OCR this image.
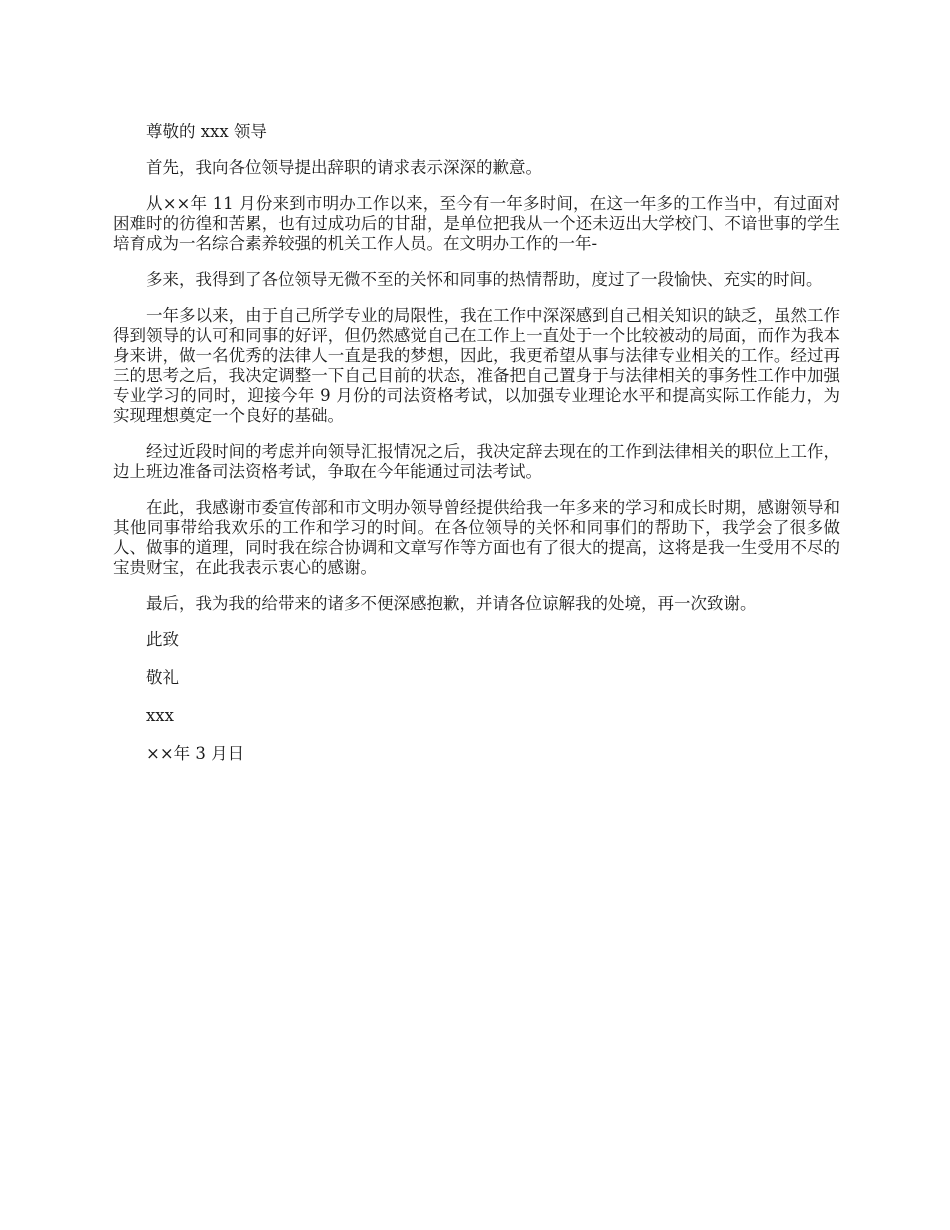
尊敬的 xxx 领导

首先，我向各位领导提出辞职的请求表示深深的歉意。

从××年 11 月份来到市明办工作以来，至今有一年多时间，在这一年多的工作当中，有过面对困难时的彷徨和苦累，也有过成功后的甘甜，是单位把我从一个还未迈出大学校门、不谙世事的学生培育成为一名综合素养较强的机关工作人员。在文明办工作的一年-

多来，我得到了各位领导无微不至的关怀和同事的热情帮助，度过了一段愉快、充实的时间。

一年多以来，由于自己所学专业的局限性，我在工作中深深感到自己相关知识的缺乏，虽然工作得到领导的认可和同事的好评，但仍然感觉自己在工作上一直处于一个比较被动的局面，而作为我本身来讲，做一名优秀的法律人一直是我的梦想，因此，我更希望从事与法律专业相关的工作。经过再三的思考之后，我决定调整一下自己目前的状态，准备把自己置身于与法律相关的事务性工作中加强专业学习的同时，迎接今年 9 月份的司法资格考试，以加强专业理论水平和提高实际工作能力，为实现理想奠定一个良好的基础。

经过近段时间的考虑并向领导汇报情况之后，我决定辞去现在的工作到法律相关的职位上工作，边上班边准备司法资格考试，争取在今年能通过司法考试。

在此，我感谢市委宣传部和市文明办领导曾经提供给我一年多来的学习和成长时期，感谢领导和其他同事带给我欢乐的工作和学习的时间。在各位领导的关怀和同事们的帮助下，我学会了很多做人、做事的道理，同时我在综合协调和文章写作等方面也有了很大的提高，这将是我一生受用不尽的宝贵财宝，在此我表示衷心的感谢。

最后，我为我的给带来的诸多不便深感抱歉，并请各位谅解我的处境，再一次致谢。

此致

敬礼

xxx

××年 3 月日
